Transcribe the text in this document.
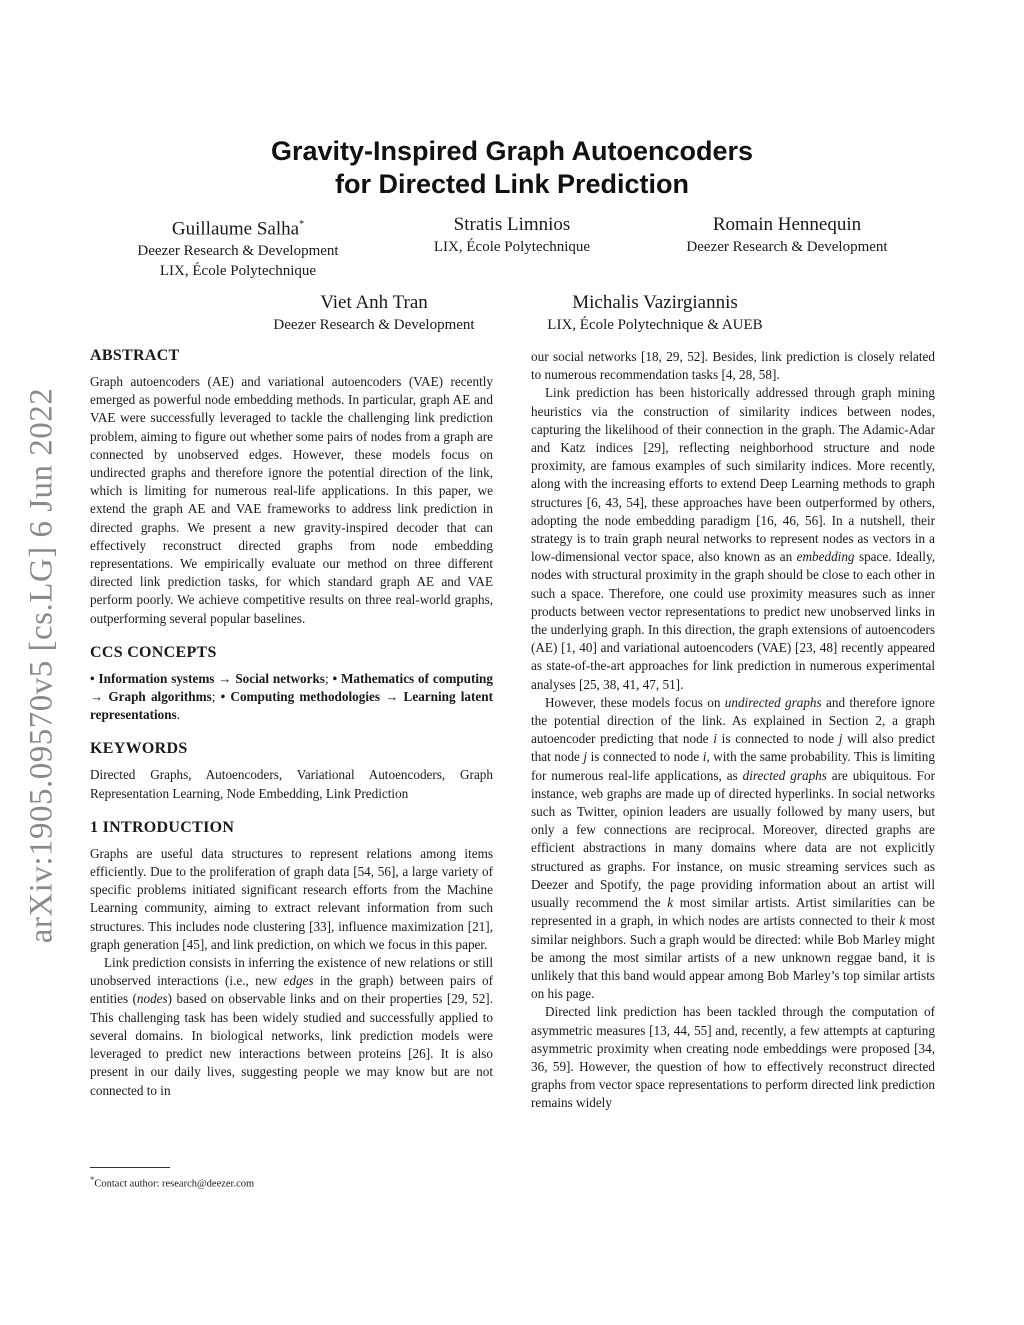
arXiv:1905.09570v5 [cs.LG] 6 Jun 2022
Gravity-Inspired Graph Autoencoders
for Directed Link Prediction
Guillaume Salha*
Deezer Research & Development
LIX, École Polytechnique
Stratis Limnios
LIX, École Polytechnique
Romain Hennequin
Deezer Research & Development
Viet Anh Tran
Deezer Research & Development
Michalis Vazirgiannis
LIX, École Polytechnique & AUEB
ABSTRACT

Graph autoencoders (AE) and variational autoencoders (VAE) recently emerged as powerful node embedding methods. In particular, graph AE and VAE were successfully leveraged to tackle the challenging link prediction problem, aiming to figure out whether some pairs of nodes from a graph are connected by unobserved edges. However, these models focus on undirected graphs and therefore ignore the potential direction of the link, which is limiting for numerous real-life applications. In this paper, we extend the graph AE and VAE frameworks to address link prediction in directed graphs. We present a new gravity-inspired decoder that can effectively reconstruct directed graphs from node embedding representations. We empirically evaluate our method on three different directed link prediction tasks, for which standard graph AE and VAE perform poorly. We achieve competitive results on three real-world graphs, outperforming several popular baselines.

CCS CONCEPTS

• Information systems → Social networks; • Mathematics of computing → Graph algorithms; • Computing methodologies → Learning latent representations.

KEYWORDS

Directed Graphs, Autoencoders, Variational Autoencoders, Graph Representation Learning, Node Embedding, Link Prediction

1 INTRODUCTION

Graphs are useful data structures to represent relations among items efficiently. Due to the proliferation of graph data [54, 56], a large variety of specific problems initiated significant research efforts from the Machine Learning community, aiming to extract relevant information from such structures. This includes node clustering [33], influence maximization [21], graph generation [45], and link prediction, on which we focus in this paper.

Link prediction consists in inferring the existence of new relations or still unobserved interactions (i.e., new edges in the graph) between pairs of entities (nodes) based on observable links and on their properties [29, 52]. This challenging task has been widely studied and successfully applied to several domains. In biological networks, link prediction models were leveraged to predict new interactions between proteins [26]. It is also present in our daily lives, suggesting people we may know but are not connected to in

*Contact author: research@deezer.com

our social networks [18, 29, 52]. Besides, link prediction is closely related to numerous recommendation tasks [4, 28, 58].

Link prediction has been historically addressed through graph mining heuristics via the construction of similarity indices between nodes, capturing the likelihood of their connection in the graph. The Adamic-Adar and Katz indices [29], reflecting neighborhood structure and node proximity, are famous examples of such similarity indices. More recently, along with the increasing efforts to extend Deep Learning methods to graph structures [6, 43, 54], these approaches have been outperformed by others, adopting the node embedding paradigm [16, 46, 56]. In a nutshell, their strategy is to train graph neural networks to represent nodes as vectors in a low-dimensional vector space, also known as an embedding space. Ideally, nodes with structural proximity in the graph should be close to each other in such a space. Therefore, one could use proximity measures such as inner products between vector representations to predict new unobserved links in the underlying graph. In this direction, the graph extensions of autoencoders (AE) [1, 40] and variational autoencoders (VAE) [23, 48] recently appeared as state-of-the-art approaches for link prediction in numerous experimental analyses [25, 38, 41, 47, 51].

However, these models focus on undirected graphs and therefore ignore the potential direction of the link. As explained in Section 2, a graph autoencoder predicting that node i is connected to node j will also predict that node j is connected to node i, with the same probability. This is limiting for numerous real-life applications, as directed graphs are ubiquitous. For instance, web graphs are made up of directed hyperlinks. In social networks such as Twitter, opinion leaders are usually followed by many users, but only a few connections are reciprocal. Moreover, directed graphs are efficient abstractions in many domains where data are not explicitly structured as graphs. For instance, on music streaming services such as Deezer and Spotify, the page providing information about an artist will usually recommend the k most similar artists. Artist similarities can be represented in a graph, in which nodes are artists connected to their k most similar neighbors. Such a graph would be directed: while Bob Marley might be among the most similar artists of a new unknown reggae band, it is unlikely that this band would appear among Bob Marley’s top similar artists on his page.

Directed link prediction has been tackled through the computation of asymmetric measures [13, 44, 55] and, recently, a few attempts at capturing asymmetric proximity when creating node embeddings were proposed [34, 36, 59]. However, the question of how to effectively reconstruct directed graphs from vector space representations to perform directed link prediction remains widely
